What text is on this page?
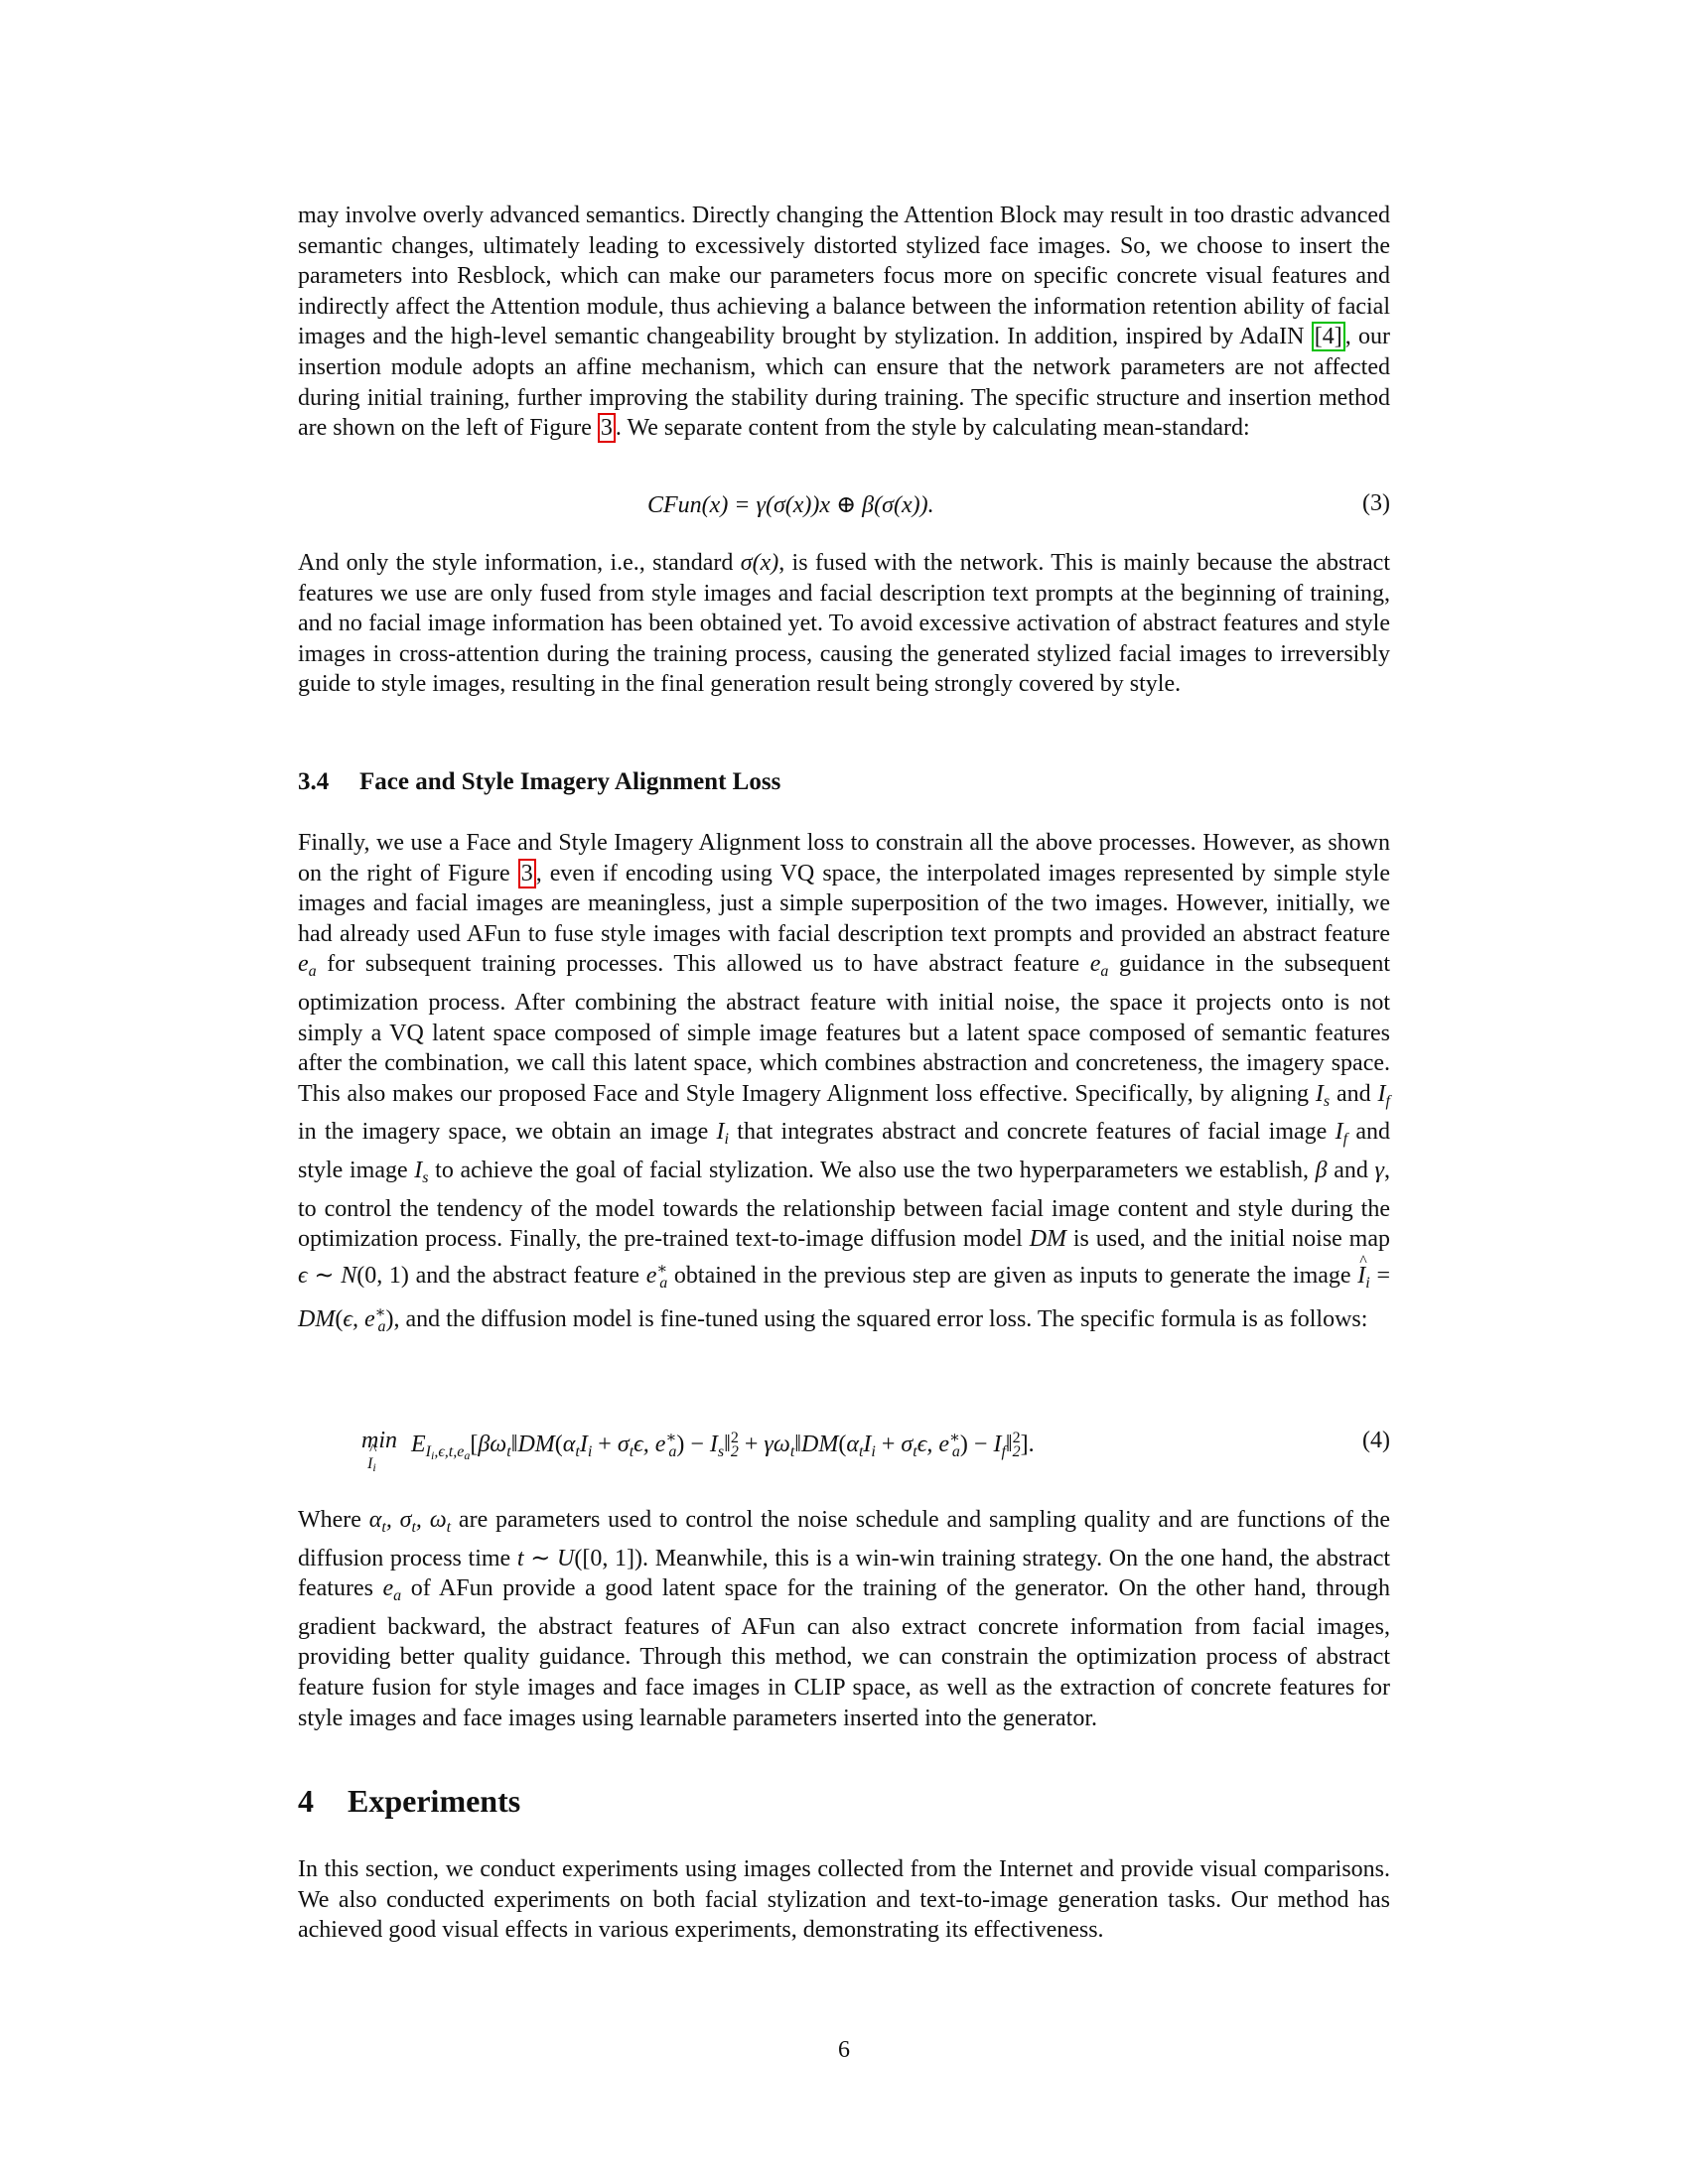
may involve overly advanced semantics. Directly changing the Attention Block may result in too drastic advanced semantic changes, ultimately leading to excessively distorted stylized face images. So, we choose to insert the parameters into Resblock, which can make our parameters focus more on specific concrete visual features and indirectly affect the Attention module, thus achieving a balance between the information retention ability of facial images and the high-level semantic changeability brought by stylization. In addition, inspired by AdaIN [4] , our insertion module adopts an affine mechanism, which can ensure that the network parameters are not affected during initial training, further improving the stability during training. The specific structure and insertion method are shown on the left of Figure 3 . We separate content from the style by calculating mean-standard:

CFun(x) = γ(σ(x))x ⊕ β(σ(x)).	(3)

And only the style information, i.e., standard σ(x), is fused with the network. This is mainly because the abstract features we use are only fused from style images and facial description text prompts at the beginning of training, and no facial image information has been obtained yet. To avoid excessive activation of abstract features and style images in cross-attention during the training process, causing the generated stylized facial images to irreversibly guide to style images, resulting in the final generation result being strongly covered by style.

3.4 Face and Style Imagery Alignment Loss

Finally, we use a Face and Style Imagery Alignment loss to constrain all the above processes. However, as shown on the right of Figure 3 , even if encoding using VQ space, the interpolated images represented by simple style images and facial images are meaningless, just a simple superposition of the two images. However, initially, we had already used AFun to fuse style images with facial description text prompts and provided an abstract feature $e_a$ for subsequent training processes. This allowed us to have abstract feature $e_a$ guidance in the subsequent optimization process. After combining the abstract feature with initial noise, the space it projects onto is not simply a VQ latent space composed of simple image features but a latent space composed of semantic features after the combination, we call this latent space, which combines abstraction and concreteness, the imagery space. This also makes our proposed Face and Style Imagery Alignment loss effective. Specifically, by aligning $I_s$ and $I_f$ in the imagery space, we obtain an image $I_i$ that integrates abstract and concrete features of facial image $I_f$ and style image $I_s$ to achieve the goal of facial stylization. We also use the two hyperparameters we establish, β and γ, to control the tendency of the model towards the relationship between facial image content and style during the optimization process. Finally, the pre-trained text-to-image diffusion model DM is used, and the initial noise map ϵ ∼ N(0, 1) and the abstract feature $e^∗_a$ obtained in the previous step are given as inputs to generate the image ^ $I_i = DM(\epsilon$, $e^∗_a$), and the diffusion model is fine-tuned using the squared error loss. The specific formula is as follows:

min
^ Ii
$E_{Ii,\epsilon,t,ea}[\beta\omega_t‖DM(\alpha_tI_i + \sigma_t\epsilon$, $e^∗_a$) − $I_s‖^2_2$ + $\gamma\omega_t‖DM(\alpha_tI_i + \sigma_t\epsilon$, $e^∗_a$) − $I_f‖^2_2$].	(4)

Where $\alpha_t$, $\sigma_t$, $\omega_t$ are parameters used to control the noise schedule and sampling quality and are functions of the diffusion process time t ∼ U([0, 1]). Meanwhile, this is a win-win training strategy. On the one hand, the abstract features $e_a$ of AFun provide a good latent space for the training of the generator. On the other hand, through gradient backward, the abstract features of AFun can also extract concrete information from facial images, providing better quality guidance. Through this method, we can constrain the optimization process of abstract feature fusion for style images and face images in CLIP space, as well as the extraction of concrete features for style images and face images using learnable parameters inserted into the generator.

4 Experiments

In this section, we conduct experiments using images collected from the Internet and provide visual comparisons. We also conducted experiments on both facial stylization and text-to-image generation tasks. Our method has achieved good visual effects in various experiments, demonstrating its effectiveness.

6
